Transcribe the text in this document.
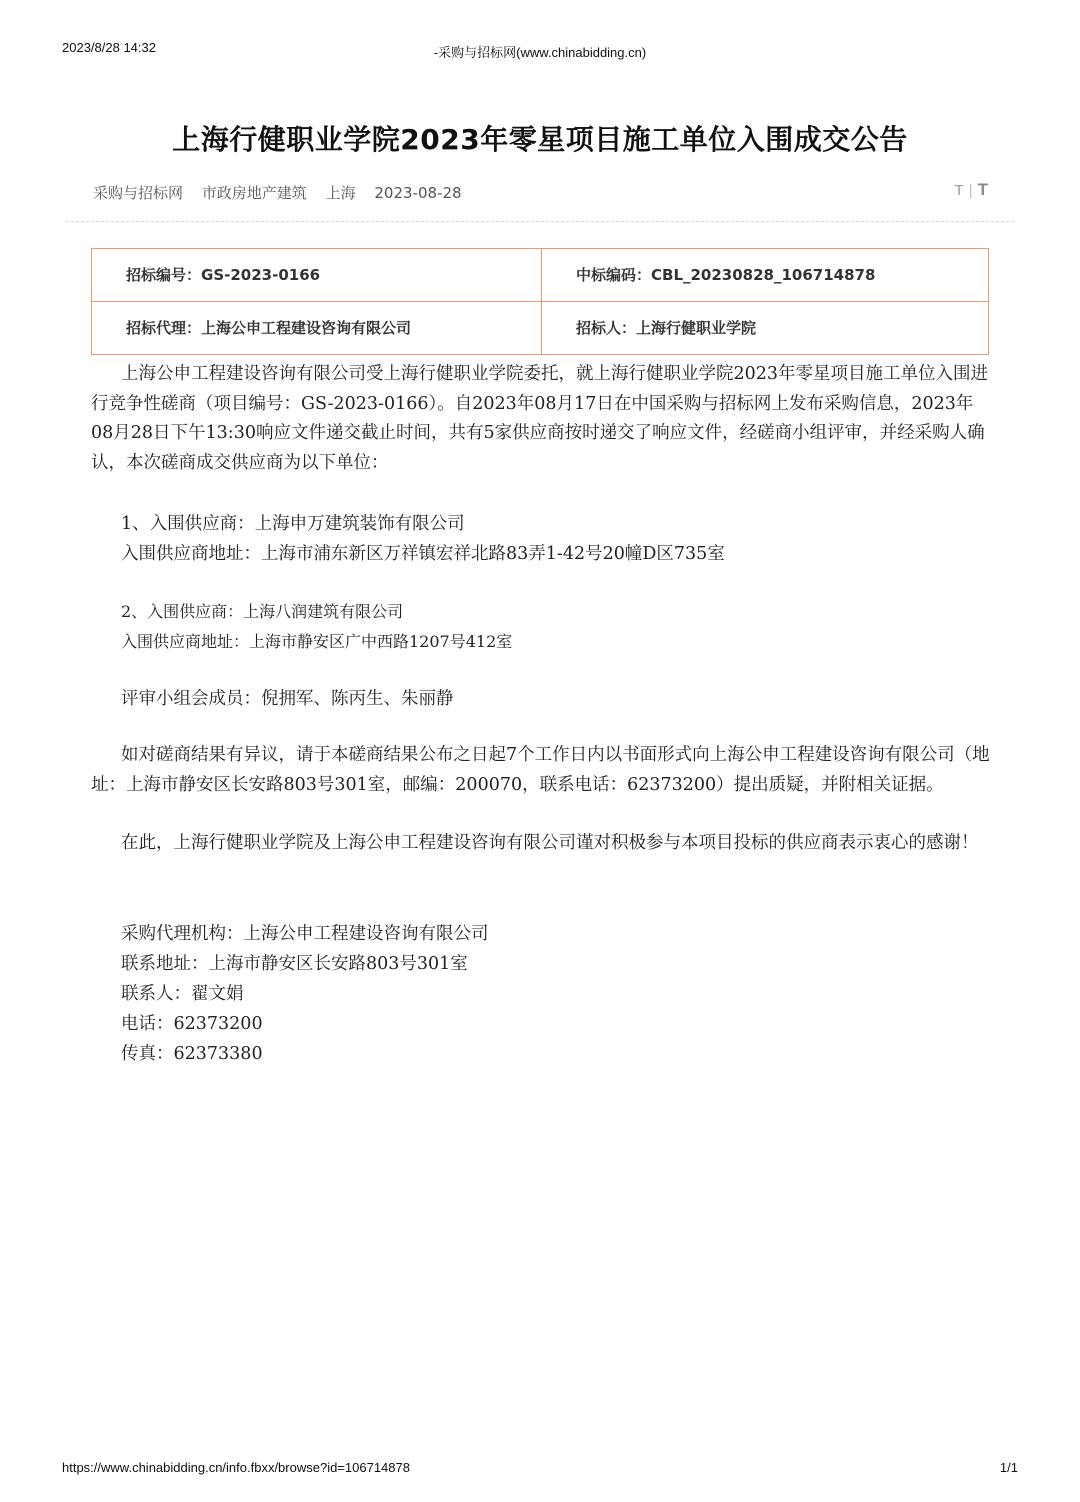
2023/8/28 14:32	-采购与招标网(www.chinabidding.cn)
上海行健职业学院2023年零星项目施工单位入围成交公告
采购与招标网 市政房地产建筑 上海 2023-08-28	T | T
招标编号：GS-2023-0166	中标编码：CBL_20230828_106714878
招标代理：上海公申工程建设咨询有限公司	招标人：上海行健职业学院
上海公申工程建设咨询有限公司受上海行健职业学院委托，就上海行健职业学院2023年零星项目施工单位入围进行竞争性磋商（项目编号：GS-2023-0166）。自2023年08月17日在中国采购与招标网上发布采购信息，2023年08月28日下午13:30响应文件递交截止时间，共有5家供应商按时递交了响应文件，经磋商小组评审，并经采购人确认，本次磋商成交供应商为以下单位：
1、入围供应商：上海申万建筑装饰有限公司
入围供应商地址：上海市浦东新区万祥镇宏祥北路83弄1-42号20幢D区735室
2、入围供应商：上海八润建筑有限公司
入围供应商地址：上海市静安区广中西路1207号412室
评审小组会成员：倪拥军、陈丙生、朱丽静
如对磋商结果有异议，请于本磋商结果公布之日起7个工作日内以书面形式向上海公申工程建设咨询有限公司（地址：上海市静安区长安路803号301室，邮编：200070，联系电话：62373200）提出质疑，并附相关证据。
在此，上海行健职业学院及上海公申工程建设咨询有限公司谨对积极参与本项目投标的供应商表示衷心的感谢！
采购代理机构：上海公申工程建设咨询有限公司
联系地址：上海市静安区长安路803号301室
联系人：翟文娟
电话：62373200
传真：62373380
https://www.chinabidding.cn/info.fbxx/browse?id=106714878	1/1
